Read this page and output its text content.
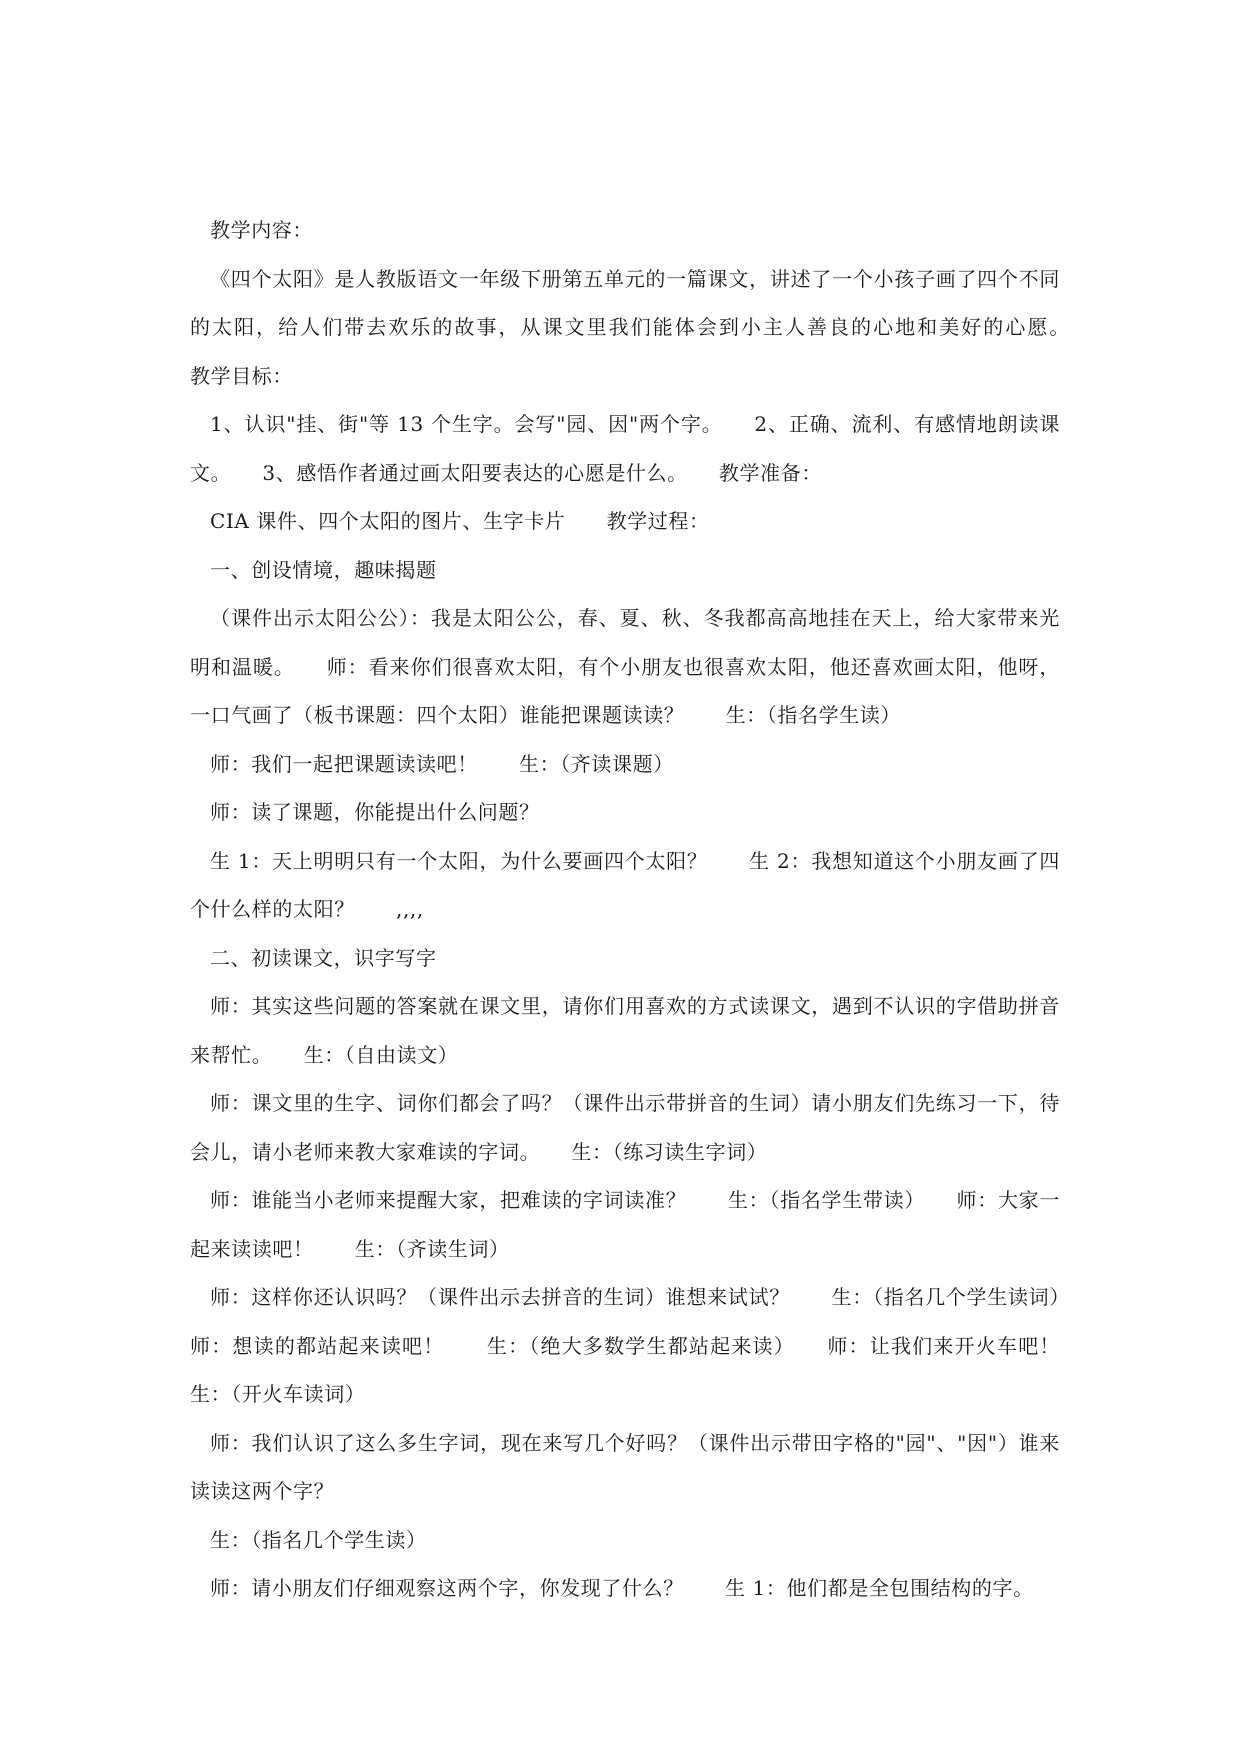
教学内容：

《四个太阳》是人教版语文一年级下册第五单元的一篇课文，讲述了一个小孩子画了四个不同的太阳，给人们带去欢乐的故事，从课文里我们能体会到小主人善良的心地和美好的心愿。　　教学目标：

1、认识"挂、街"等 13 个生字。会写"园、因"两个字。　　2、正确、流利、有感情地朗读课文。　　3、感悟作者通过画太阳要表达的心愿是什么。　　教学准备：

CIA 课件、四个太阳的图片、生字卡片　　教学过程：

一、创设情境，趣味揭题

（课件出示太阳公公）：我是太阳公公，春、夏、秋、冬我都高高地挂在天上，给大家带来光明和温暖。　　师：看来你们很喜欢太阳，有个小朋友也很喜欢太阳，他还喜欢画太阳，他呀，一口气画了（板书课题：四个太阳）谁能把课题读读？　　生：（指名学生读）

师：我们一起把课题读读吧！　　生：（齐读课题）

师：读了课题，你能提出什么问题？

生 1：天上明明只有一个太阳，为什么要画四个太阳？　　生 2：我想知道这个小朋友画了四个什么样的太阳？　　,,,,

二、初读课文，识字写字

师：其实这些问题的答案就在课文里，请你们用喜欢的方式读课文，遇到不认识的字借助拼音来帮忙。　　生：（自由读文）

师：课文里的生字、词你们都会了吗？（课件出示带拼音的生词）请小朋友们先练习一下，待会儿，请小老师来教大家难读的字词。　　生：（练习读生字词）

师：谁能当小老师来提醒大家，把难读的字词读准？　　生：（指名学生带读）　　师：大家一起来读读吧！　　生：（齐读生词）

师：这样你还认识吗？（课件出示去拼音的生词）谁想来试试？　　生：（指名几个学生读词）　　师：想读的都站起来读吧！　　生：（绝大多数学生都站起来读）　　师：让我们来开火车吧！　　生：（开火车读词）

师：我们认识了这么多生字词，现在来写几个好吗？（课件出示带田字格的"园"、"因"）谁来读读这两个字？

生：（指名几个学生读）

师：请小朋友们仔细观察这两个字，你发现了什么？　　生 1：他们都是全包围结构的字。
